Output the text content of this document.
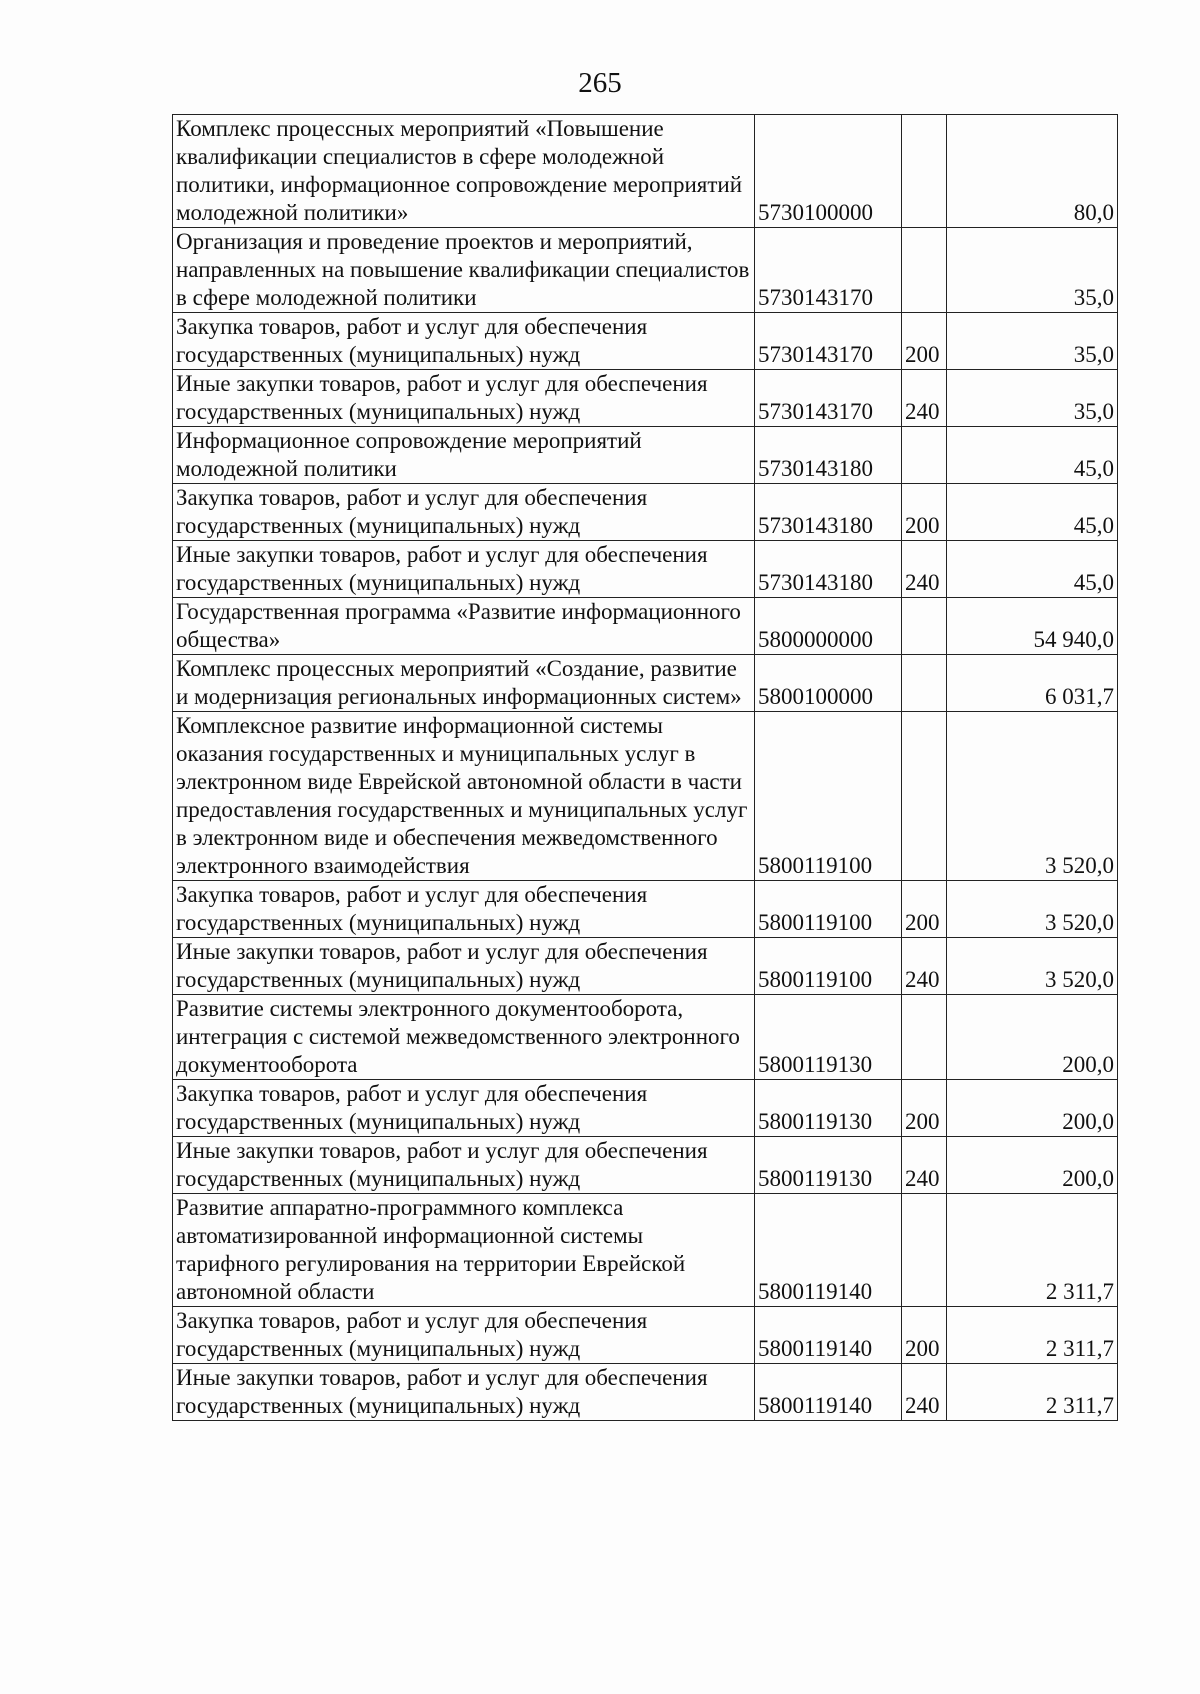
265
Комплекс процессных мероприятий «Повышение квалификации специалистов в сфере молодежной политики, информационное сопровождение мероприятий молодежной политики»	5730100000		80,0
Организация и проведение проектов и мероприятий, направленных на повышение квалификации специалистов в сфере молодежной политики	5730143170		35,0
Закупка товаров, работ и услуг для обеспечения государственных (муниципальных) нужд	5730143170	200	35,0
Иные закупки товаров, работ и услуг для обеспечения государственных (муниципальных) нужд	5730143170	240	35,0
Информационное сопровождение мероприятий молодежной политики	5730143180		45,0
Закупка товаров, работ и услуг для обеспечения государственных (муниципальных) нужд	5730143180	200	45,0
Иные закупки товаров, работ и услуг для обеспечения государственных (муниципальных) нужд	5730143180	240	45,0
Государственная программа «Развитие информационного общества»	5800000000		54 940,0
Комплекс процессных мероприятий «Создание, развитие и модернизация региональных информационных систем»	5800100000		6 031,7
Комплексное развитие информационной системы оказания государственных и муниципальных услуг в электронном виде Еврейской автономной области в части предоставления государственных и муниципальных услуг в электронном виде и обеспечения межведомственного электронного взаимодействия	5800119100		3 520,0
Закупка товаров, работ и услуг для обеспечения государственных (муниципальных) нужд	5800119100	200	3 520,0
Иные закупки товаров, работ и услуг для обеспечения государственных (муниципальных) нужд	5800119100	240	3 520,0
Развитие системы электронного документооборота, интеграция с системой межведомственного электронного документооборота	5800119130		200,0
Закупка товаров, работ и услуг для обеспечения государственных (муниципальных) нужд	5800119130	200	200,0
Иные закупки товаров, работ и услуг для обеспечения государственных (муниципальных) нужд	5800119130	240	200,0
Развитие аппаратно-программного комплекса автоматизированной информационной системы тарифного регулирования на территории Еврейской автономной области	5800119140		2 311,7
Закупка товаров, работ и услуг для обеспечения государственных (муниципальных) нужд	5800119140	200	2 311,7
Иные закупки товаров, работ и услуг для обеспечения государственных (муниципальных) нужд	5800119140	240	2 311,7
